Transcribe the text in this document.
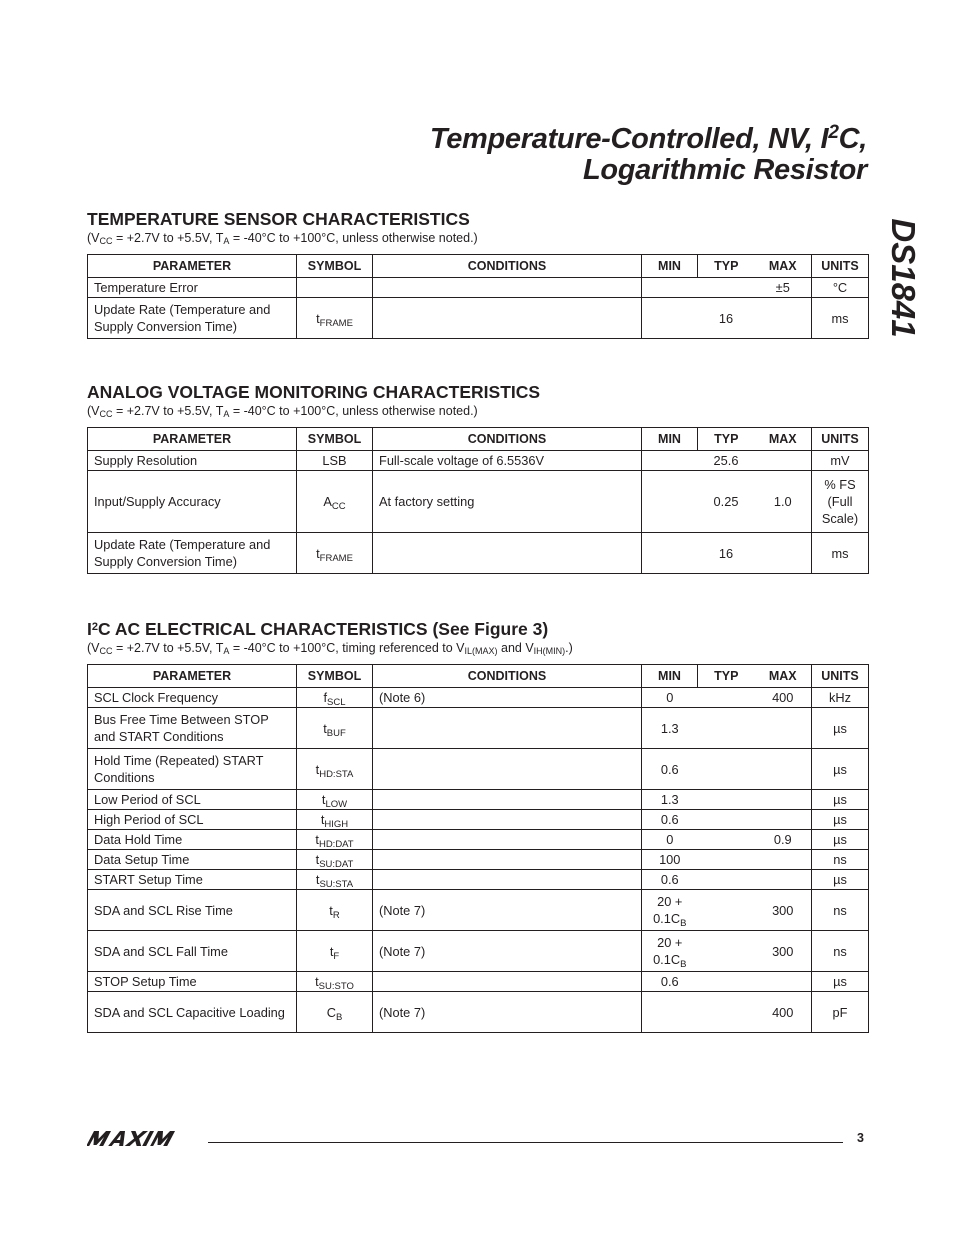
Temperature-Controlled, NV, $I^2C$,
Logarithmic Resistor
DS1841
TEMPERATURE SENSOR CHARACTERISTICS

($V_{CC} = +2.7V$ to +5.5V, $T_A = -40^\circ C$ to +100°C, unless otherwise noted.)

PARAMETER	SYMBOL	CONDITIONS	MIN	TYP	MAX	UNITS
Temperature Error					±5	°C
Update Rate (Temperature and Supply Conversion Time)	$t_{FRAME}$			16		ms
ANALOG VOLTAGE MONITORING CHARACTERISTICS

($V_{CC} = +2.7V$ to +5.5V, $T_A = -40^\circ C$ to +100°C, unless otherwise noted.)

PARAMETER	SYMBOL	CONDITIONS	MIN	TYP	MAX	UNITS
Supply Resolution	LSB	Full-scale voltage of 6.5536V		25.6		mV
Input/Supply Accuracy	$A_{CC}$	At factory setting		0.25	1.0	% FS (Full Scale)
Update Rate (Temperature and Supply Conversion Time)	$t_{FRAME}$			16		ms
$I^2C$ AC ELECTRICAL CHARACTERISTICS (See Figure 3)

($V_{CC} = +2.7V$ to +5.5V, $T_A = -40^\circ C$ to +100°C, timing referenced to $V_{IL(MAX)}$ and $V_{IH(MIN)}$.)

PARAMETER	SYMBOL	CONDITIONS	MIN	TYP	MAX	UNITS
SCL Clock Frequency	$f_{SCL}$	(Note 6)	0		400	kHz
Bus Free Time Between STOP and START Conditions	$t_{BUF}$		1.3			µs
Hold Time (Repeated) START Conditions	$t_{HD:STA}$		0.6			µs
Low Period of SCL	$t_{LOW}$		1.3			µs
High Period of SCL	$t_{HIGH}$		0.6			µs
Data Hold Time	$t_{HD:DAT}$		0		0.9	µs
Data Setup Time	$t_{SU:DAT}$		100			ns
START Setup Time	$t_{SU:STA}$		0.6			µs
SDA and SCL Rise Time	$t_R$	(Note 7)	$20 + 0.1C_B$		300	ns
SDA and SCL Fall Time	$t_F$	(Note 7)	$20 + 0.1C_B$		300	ns
STOP Setup Time	$t_{SU:STO}$		0.6			µs
SDA and SCL Capacitive Loading	$C_B$	(Note 7)			400	pF
3
